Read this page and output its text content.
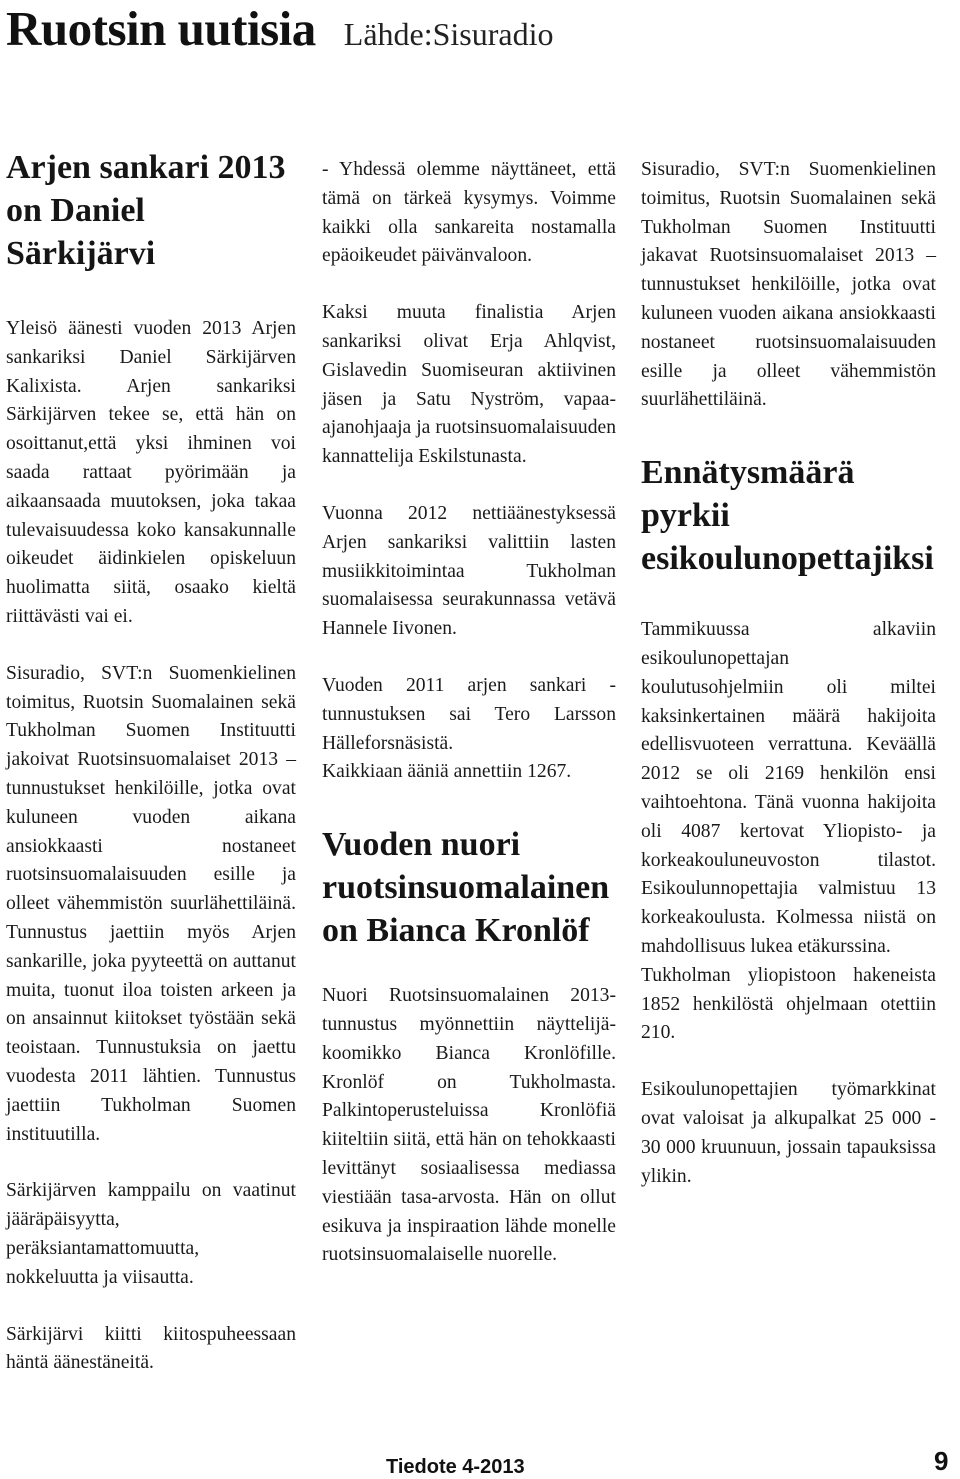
Ruotsin uutisia Lähde:Sisuradio
Arjen sankari 2013 on Daniel Särkijärvi

Yleisö äänesti vuoden 2013 Arjen sankariksi Daniel Särkijärven Kalixista. Arjen sankariksi Särkijärven tekee se, että hän on osoittanut,että yksi ihminen voi saada rattaat pyörimään ja aikaansaada muutoksen, joka takaa tulevaisuudessa koko kansakunnalle oikeudet äidinkielen opiskeluun huolimatta siitä, osaako kieltä riittävästi vai ei.

Sisuradio, SVT:n Suomenkielinen toimitus, Ruotsin Suomalainen sekä Tukholman Suomen Instituutti jakoivat Ruotsinsuomalaiset 2013 –tunnustukset henkilöille, jotka ovat kuluneen vuoden aikana ansiokkaasti nostaneet ruotsinsuomalaisuuden esille ja olleet vähemmistön suurlähettiläinä. Tunnustus jaettiin myös Arjen sankarille, joka pyyteettä on auttanut muita, tuonut iloa toisten arkeen ja on ansainnut kiitokset työstään sekä teoistaan. Tunnustuksia on jaettu vuodesta 2011 lähtien. Tunnustus jaettiin Tukholman Suomen instituutilla.

Särkijärven kamppailu on vaatinut jääräpäisyytta, peräksiantamattomuutta, nokkeluutta ja viisautta.

Särkijärvi kiitti kiitospuheessaan häntä äänestäneitä.

- Yhdessä olemme näyttäneet, että tämä on tärkeä kysymys. Voimme kaikki olla sankareita nostamalla epäoikeudet päivänvaloon.

Kaksi muuta finalistia Arjen sankariksi olivat Erja Ahlqvist, Gislavedin Suomiseuran aktiivinen jäsen ja Satu Nyström, vapaa-ajanohjaaja ja ruotsinsuomalaisuuden kannattelija Eskilstunasta.

Vuonna 2012 nettiäänestyksessä Arjen sankariksi valittiin lasten musiikkitoimintaa Tukholman suomalaisessa seurakunnassa vetävä Hannele Iivonen.

Vuoden 2011 arjen sankari - tunnustuksen sai Tero Larsson Hälleforsnäsistä.

Kaikkiaan ääniä annettiin 1267.

Vuoden nuori ruotsinsuomalainen on Bianca Kronlöf

Nuori Ruotsinsuomalainen 2013-tunnustus myönnettiin näyttelijä-koomikko Bianca Kronlöfille. Kronlöf on Tukholmasta. Palkintoperusteluissa Kronlöfiä kiiteltiin siitä, että hän on tehokkaasti levittänyt sosiaalisessa mediassa viestiään tasa-arvosta. Hän on ollut esikuva ja inspiraation lähde monelle ruotsinsuomalaiselle nuorelle.

Sisuradio, SVT:n Suomenkielinen toimitus, Ruotsin Suomalainen sekä Tukholman Suomen Instituutti jakavat Ruotsinsuomalaiset 2013 –tunnustukset henkilöille, jotka ovat kuluneen vuoden aikana ansiokkaasti nostaneet ruotsinsuomalaisuuden esille ja olleet vähemmistön suurlähettiläinä.

Ennätysmäärä pyrkii esikoulunopettajiksi

Tammikuussa alkaviin esikoulunopettajan koulutusohjelmiin oli miltei kaksinkertainen määrä hakijoita edellisvuoteen verrattuna. Keväällä 2012 se oli 2169 henkilön ensi vaihtoehtona. Tänä vuonna hakijoita oli 4087 kertovat Yliopisto- ja korkeakouluneuvoston tilastot. Esikoulunnopettajia valmistuu 13 korkeakoulusta. Kolmessa niistä on mahdollisuus lukea etäkurssina.

Tukholman yliopistoon hakeneista 1852 henkilöstä ohjelmaan otettiin 210.

Esikoulunopettajien työmarkkinat ovat valoisat ja alkupalkat 25 000 - 30 000 kruunuun, jossain tapauksissa ylikin.

Tiedote 4-2013	9
